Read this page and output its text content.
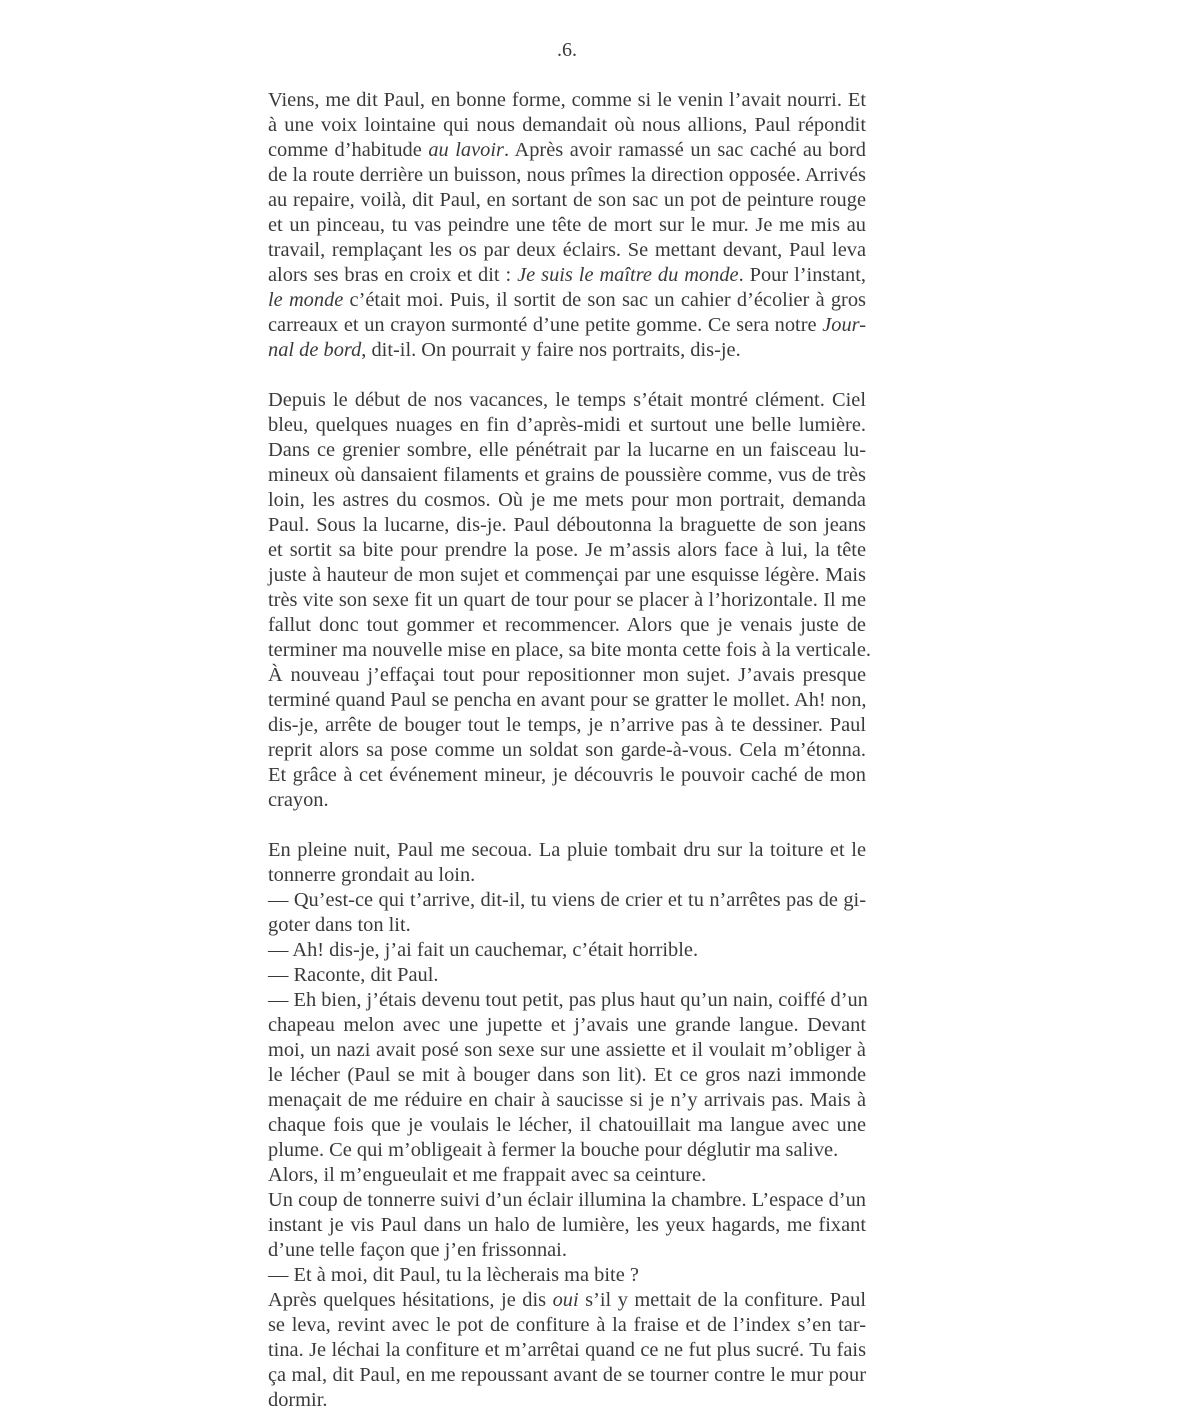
.6.
Viens, me dit Paul, en bonne forme, comme si le venin l’avait nourri. Et
à une voix lointaine qui nous demandait où nous allions, Paul répondit
comme d’habitude au lavoir. Après avoir ramassé un sac caché au bord
de la route derrière un buisson, nous prîmes la direction opposée. Arrivés
au repaire, voilà, dit Paul, en sortant de son sac un pot de peinture rouge
et un pinceau, tu vas peindre une tête de mort sur le mur. Je me mis au
travail, remplaçant les os par deux éclairs. Se mettant devant, Paul leva
alors ses bras en croix et dit : Je suis le maître du monde. Pour l’instant,
le monde c’était moi. Puis, il sortit de son sac un cahier d’écolier à gros
carreaux et un crayon surmonté d’une petite gomme. Ce sera notre Jour-
nal de bord, dit-il. On pourrait y faire nos portraits, dis-je.
Depuis le début de nos vacances, le temps s’était montré clément. Ciel
bleu, quelques nuages en fin d’après-midi et surtout une belle lumière.
Dans ce grenier sombre, elle pénétrait par la lucarne en un faisceau lu-
mineux où dansaient filaments et grains de poussière comme, vus de très
loin, les astres du cosmos. Où je me mets pour mon portrait, demanda
Paul. Sous la lucarne, dis-je. Paul déboutonna la braguette de son jeans
et sortit sa bite pour prendre la pose. Je m’assis alors face à lui, la tête
juste à hauteur de mon sujet et commençai par une esquisse légère. Mais
très vite son sexe fit un quart de tour pour se placer à l’horizontale. Il me
fallut donc tout gommer et recommencer. Alors que je venais juste de
terminer ma nouvelle mise en place, sa bite monta cette fois à la verticale.
À nouveau j’effaçai tout pour repositionner mon sujet. J’avais presque
terminé quand Paul se pencha en avant pour se gratter le mollet. Ah! non,
dis-je, arrête de bouger tout le temps, je n’arrive pas à te dessiner. Paul
reprit alors sa pose comme un soldat son garde-à-vous. Cela m’étonna.
Et grâce à cet événement mineur, je découvris le pouvoir caché de mon
crayon.
En pleine nuit, Paul me secoua. La pluie tombait dru sur la toiture et le
tonnerre grondait au loin.
— Qu’est-ce qui t’arrive, dit-il, tu viens de crier et tu n’arrêtes pas de gi-
goter dans ton lit.
— Ah! dis-je, j’ai fait un cauchemar, c’était horrible.
— Raconte, dit Paul.
— Eh bien, j’étais devenu tout petit, pas plus haut qu’un nain, coiffé d’un
chapeau melon avec une jupette et j’avais une grande langue. Devant
moi, un nazi avait posé son sexe sur une assiette et il voulait m’obliger à
le lécher (Paul se mit à bouger dans son lit). Et ce gros nazi immonde
menaçait de me réduire en chair à saucisse si je n’y arrivais pas. Mais à
chaque fois que je voulais le lécher, il chatouillait ma langue avec une
plume. Ce qui m’obligeait à fermer la bouche pour déglutir ma salive.
Alors, il m’engueulait et me frappait avec sa ceinture.
Un coup de tonnerre suivi d’un éclair illumina la chambre. L’espace d’un
instant je vis Paul dans un halo de lumière, les yeux hagards, me fixant
d’une telle façon que j’en frissonnai.
— Et à moi, dit Paul, tu la lècherais ma bite ?
Après quelques hésitations, je dis oui s’il y mettait de la confiture. Paul
se leva, revint avec le pot de confiture à la fraise et de l’index s’en tar-
tina. Je léchai la confiture et m’arrêtai quand ce ne fut plus sucré. Tu fais
ça mal, dit Paul, en me repoussant avant de se tourner contre le mur pour
dormir.
